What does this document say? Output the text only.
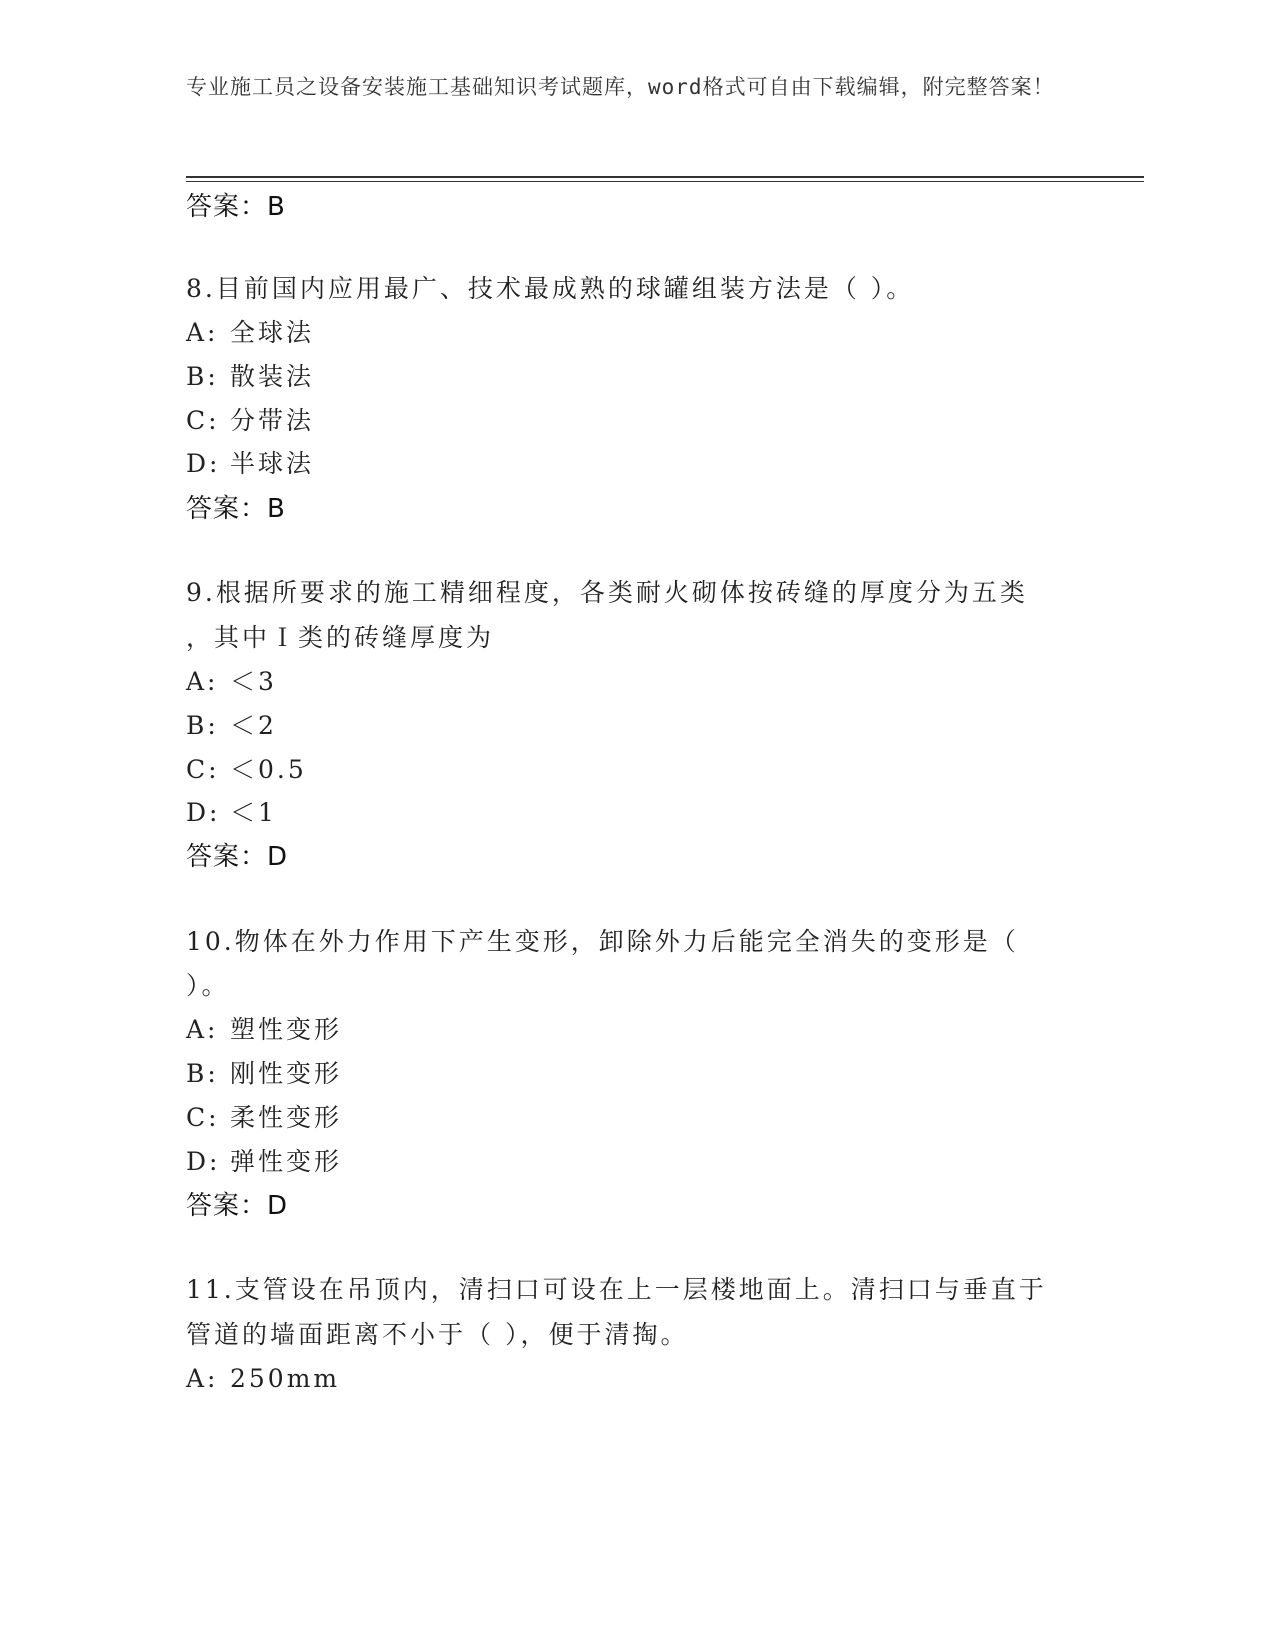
专业施工员之设备安装施工基础知识考试题库，word格式可自由下载编辑，附完整答案！
答案：B
8.目前国内应用最广、技术最成熟的球罐组装方法是（ ）。
A: 全球法
B: 散装法
C: 分带法
D: 半球法
答案：B
9.根据所要求的施工精细程度，各类耐火砌体按砖缝的厚度分为五类
，其中Ｉ类的砖缝厚度为
A: ＜3
B: ＜2
C: ＜0.5
D: ＜1
答案：D
10.物体在外力作用下产生变形，卸除外力后能完全消失的变形是（
）。
A: 塑性变形
B: 刚性变形
C: 柔性变形
D: 弹性变形
答案：D
11.支管设在吊顶内，清扫口可设在上一层楼地面上。清扫口与垂直于
管道的墙面距离不小于（ ），便于清掏。
A: 250mm
